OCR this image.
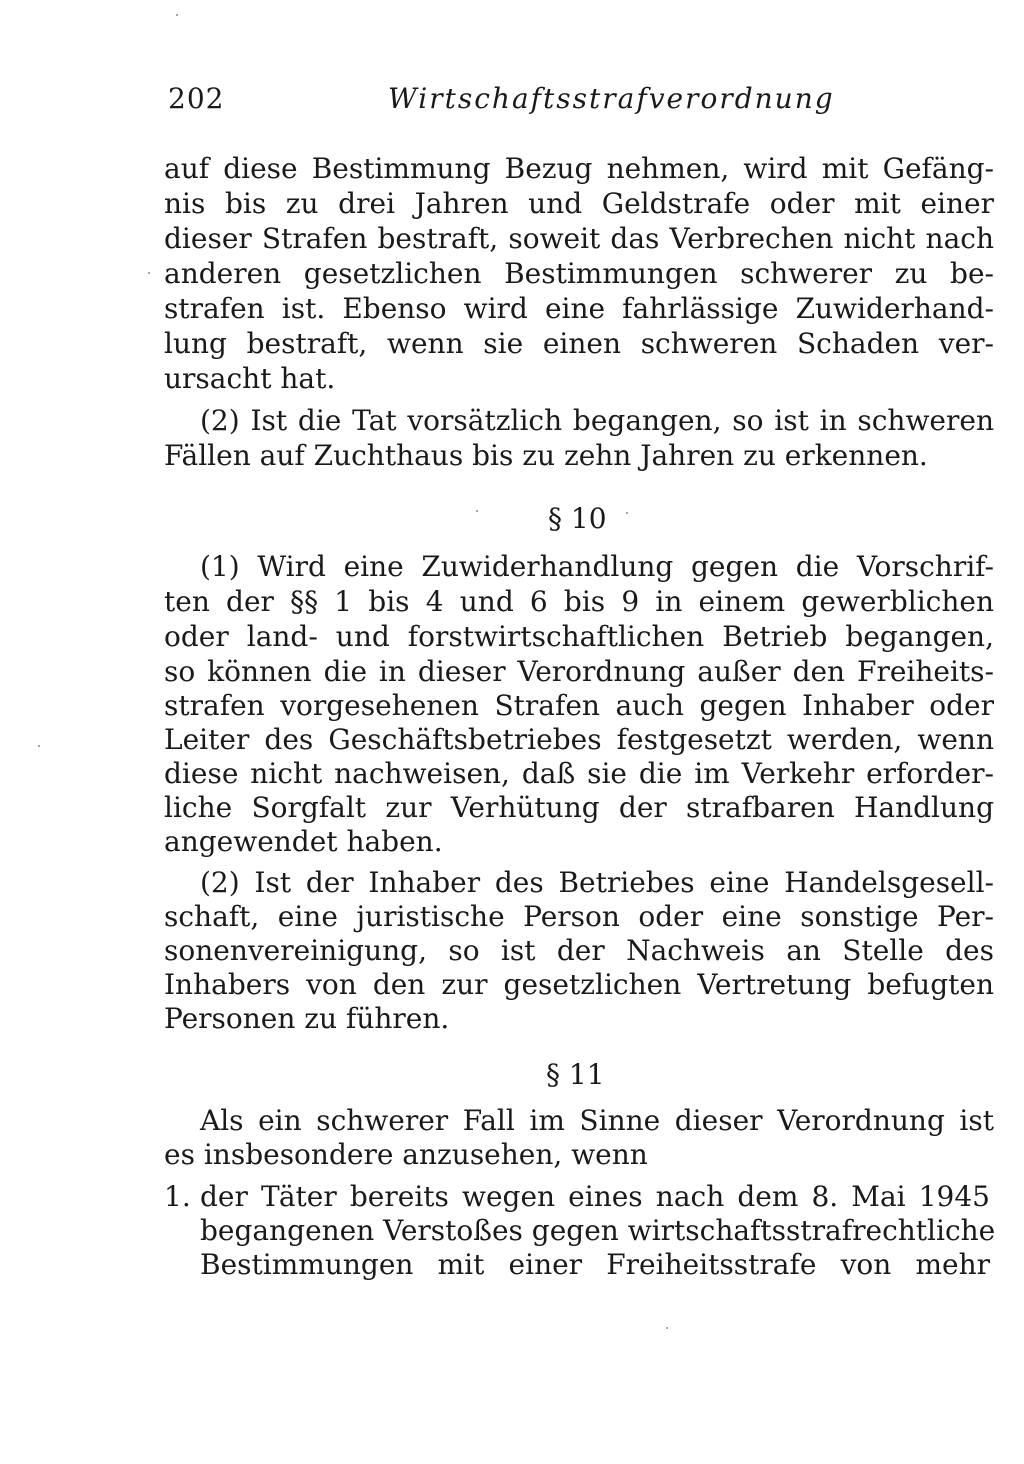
202	Wirtschaftsstrafverordnung
auf diese Bestimmung Bezug nehmen, wird mit Gefäng-
nis bis zu drei Jahren und Geldstrafe oder mit einer
dieser Strafen bestraft, soweit das Verbrechen nicht nach
anderen gesetzlichen Bestimmungen schwerer zu be-
strafen ist. Ebenso wird eine fahrlässige Zuwiderhand-
lung bestraft, wenn sie einen schweren Schaden ver-
ursacht hat.
(2) Ist die Tat vorsätzlich begangen, so ist in schweren
Fällen auf Zuchthaus bis zu zehn Jahren zu erkennen.
§ 10
(1) Wird eine Zuwiderhandlung gegen die Vorschrif-
ten der §§ 1 bis 4 und 6 bis 9 in einem gewerblichen
oder land- und forstwirtschaftlichen Betrieb begangen,
so können die in dieser Verordnung außer den Freiheits-
strafen vorgesehenen Strafen auch gegen Inhaber oder
Leiter des Geschäftsbetriebes festgesetzt werden, wenn
diese nicht nachweisen, daß sie die im Verkehr erforder-
liche Sorgfalt zur Verhütung der strafbaren Handlung
angewendet haben.
(2) Ist der Inhaber des Betriebes eine Handelsgesell-
schaft, eine juristische Person oder eine sonstige Per-
sonenvereinigung, so ist der Nachweis an Stelle des
Inhabers von den zur gesetzlichen Vertretung befugten
Personen zu führen.
§ 11
Als ein schwerer Fall im Sinne dieser Verordnung ist
es insbesondere anzusehen, wenn
1. der Täter bereits wegen eines nach dem 8. Mai 1945
begangenen Verstoßes gegen wirtschaftsstrafrechtliche
Bestimmungen mit einer Freiheitsstrafe von mehr
